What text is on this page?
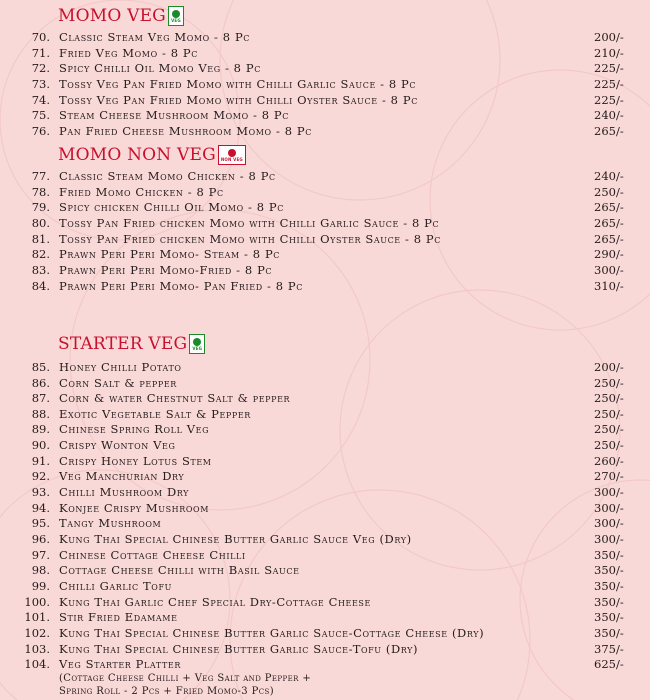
MOMO VEG VEG
70. Classic Steam Veg Momo - 8 Pc	200/-
71. Fried Veg Momo - 8 Pc	210/-
72. Spicy Chilli Oil Momo Veg - 8 Pc	225/-
73. Tossy Veg Pan Fried Momo with Chilli Garlic Sauce - 8 Pc	225/-
74. Tossy Veg Pan Fried Momo with Chilli Oyster Sauce - 8 Pc	225/-
75. Steam Cheese Mushroom Momo - 8 Pc	240/-
76. Pan Fried Cheese Mushroom Momo - 8 Pc	265/-
MOMO NON VEG NON VEG
77. Classic Steam Momo Chicken - 8 Pc	240/-
78. Fried Momo Chicken - 8 Pc	250/-
79. Spicy chicken Chilli Oil Momo - 8 Pc	265/-
80. Tossy Pan Fried chicken Momo with Chilli Garlic Sauce - 8 Pc	265/-
81. Tossy Pan Fried chicken Momo with Chilli Oyster Sauce - 8 Pc	265/-
82. Prawn Peri Peri Momo- Steam - 8 Pc	290/-
83. Prawn Peri Peri Momo-Fried - 8 Pc	300/-
84. Prawn Peri Peri Momo- Pan Fried - 8 Pc	310/-
STARTER VEG VEG
85. Honey Chilli Potato	200/-
86. Corn Salt & pepper	250/-
87. Corn & water Chestnut Salt & pepper	250/-
88. Exotic Vegetable Salt & Pepper	250/-
89. Chinese Spring Roll Veg	250/-
90. Crispy Wonton Veg	250/-
91. Crispy Honey Lotus Stem	260/-
92. Veg Manchurian Dry	270/-
93. Chilli Mushroom Dry	300/-
94. Konjee Crispy Mushroom	300/-
95. Tangy Mushroom	300/-
96. Kung Thai Special Chinese Butter Garlic Sauce Veg (Dry)	300/-
97. Chinese Cottage Cheese Chilli	350/-
98. Cottage Cheese Chilli with Basil Sauce	350/-
99. Chilli Garlic Tofu	350/-
100. Kung Thai Garlic Chef Special Dry-Cottage Cheese	350/-
101. Stir Fried Edamame	350/-
102. Kung Thai Special Chinese Butter Garlic Sauce-Cottage Cheese (Dry)	350/-
103. Kung Thai Special Chinese Butter Garlic Sauce-Tofu (Dry)	375/-
104. Veg Starter Platter	625/-
(Cottage Cheese Chilli + Veg Salt and Pepper +
Spring Roll - 2 Pcs + Fried Momo-3 Pcs)
